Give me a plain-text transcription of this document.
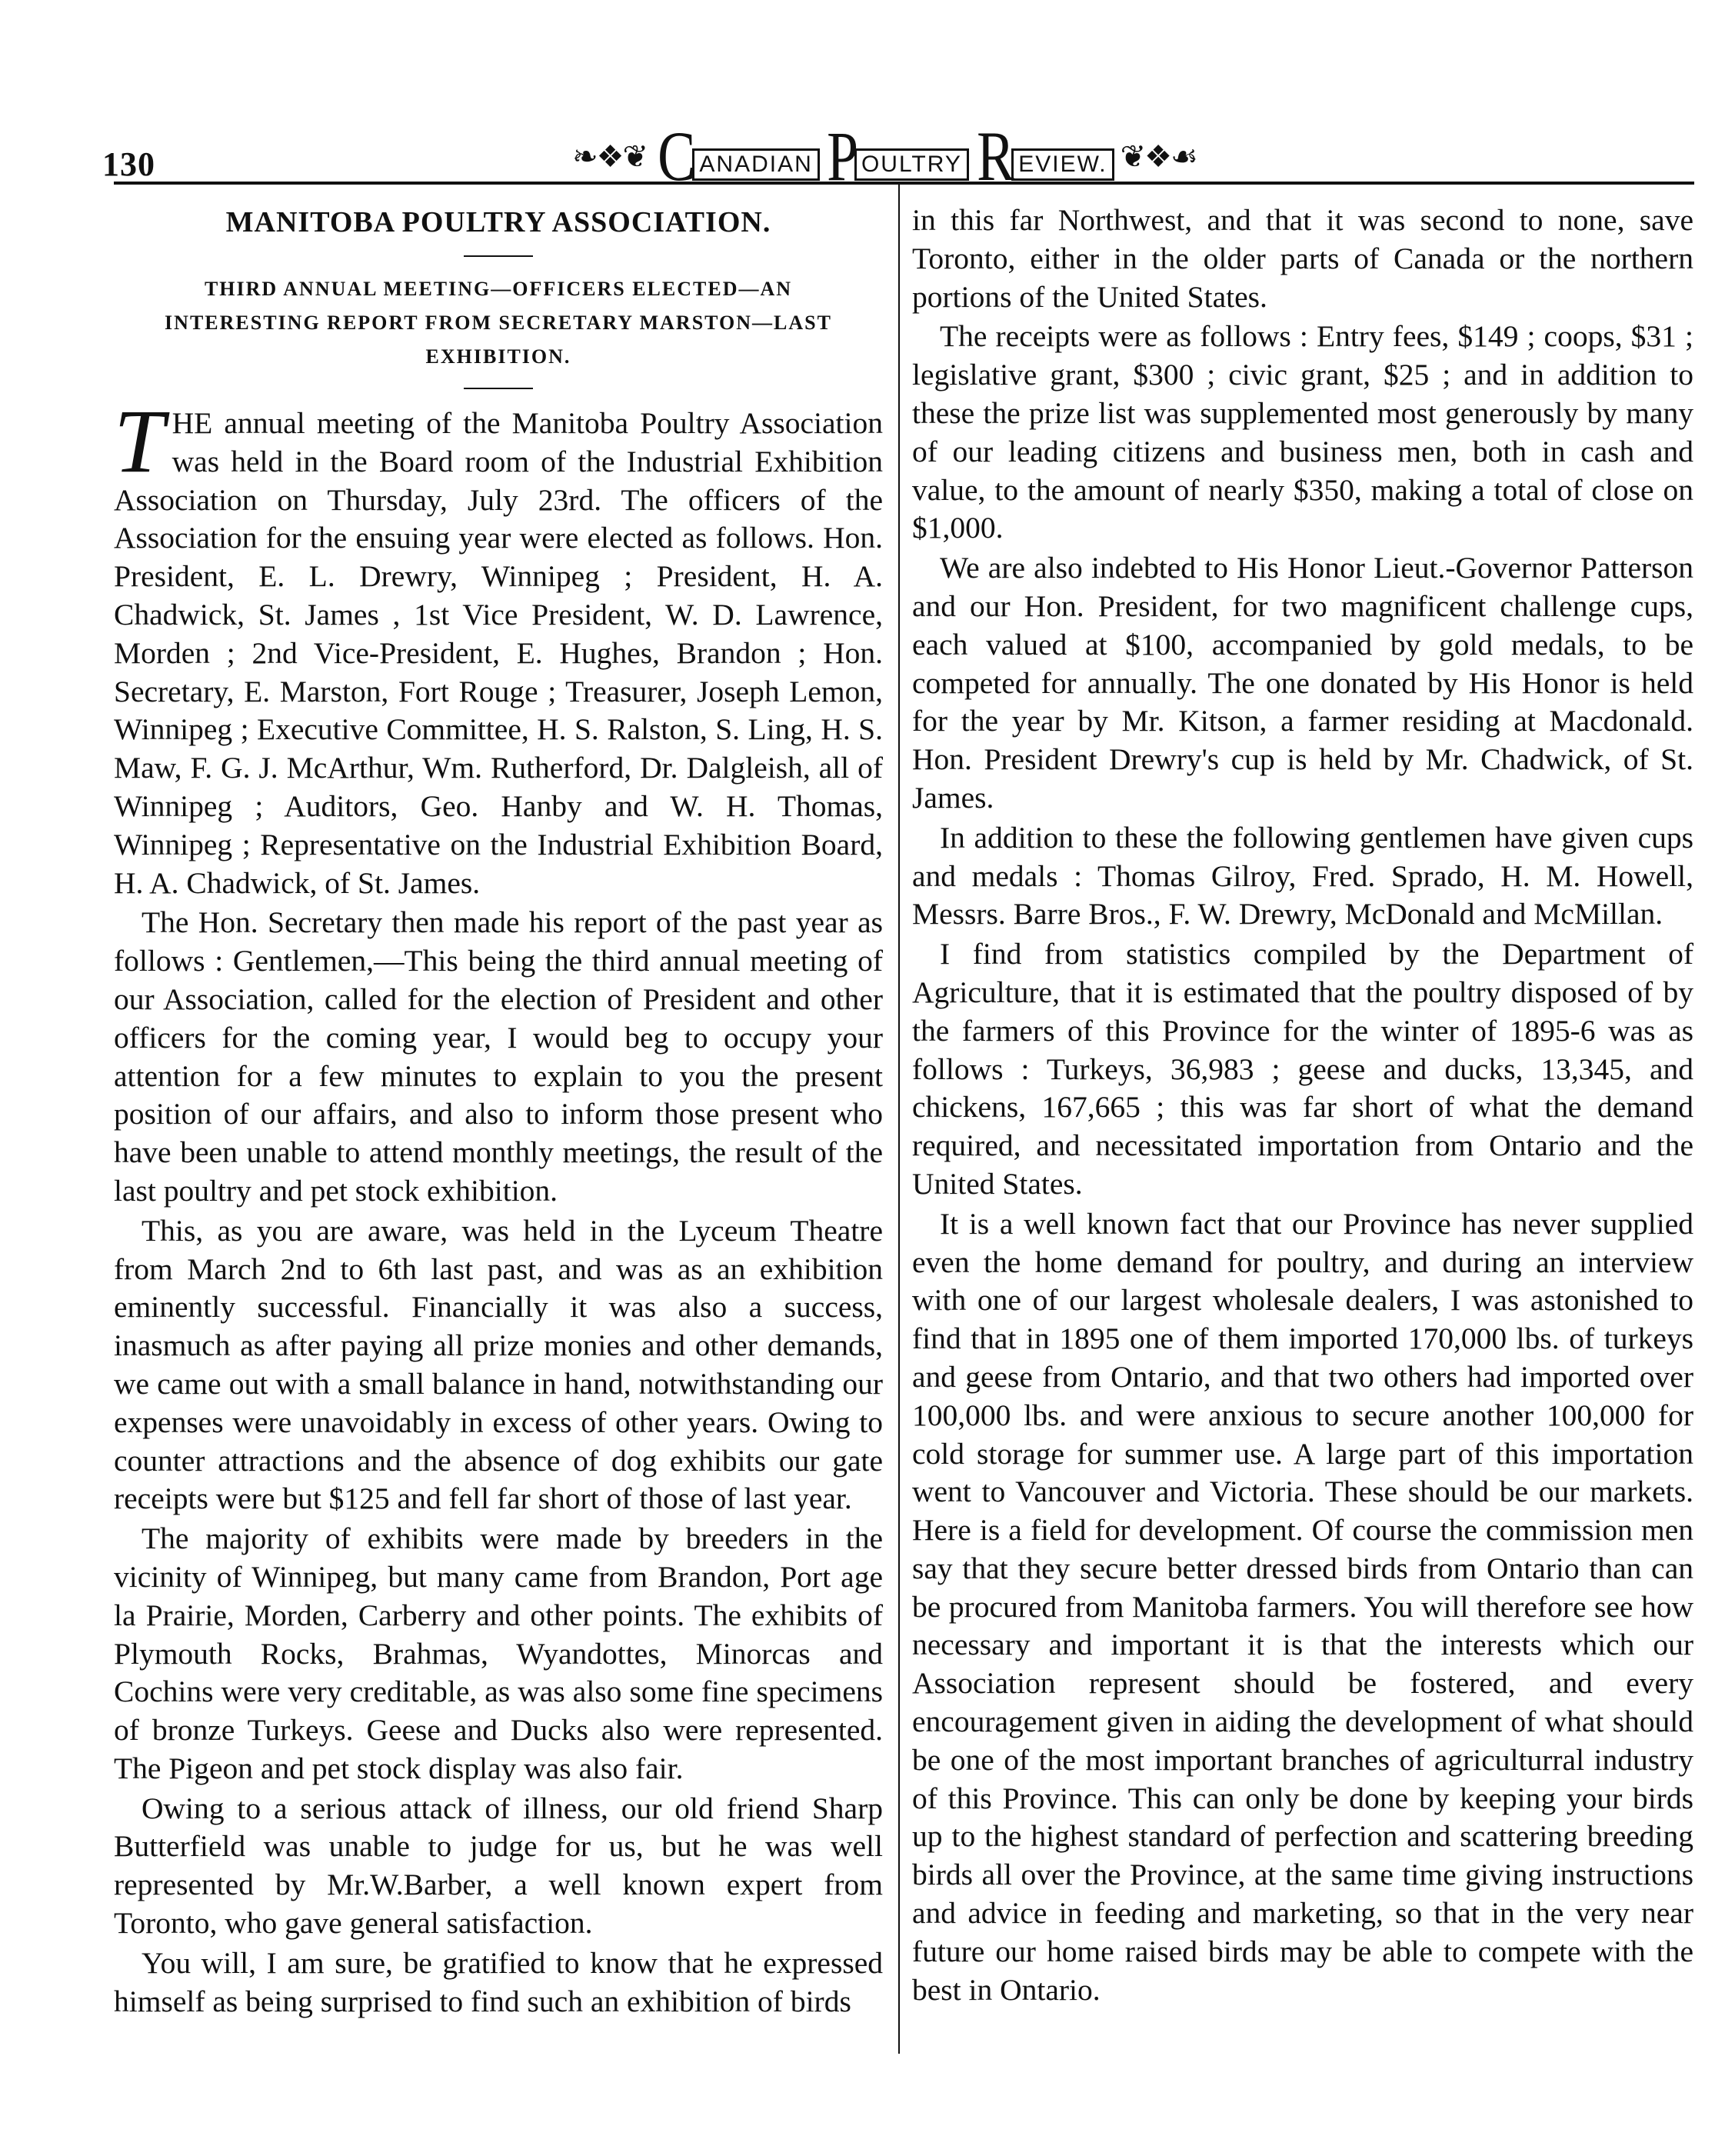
130	❧❖❦ C ANADIAN P OULTRY R EVIEW. ❦❖☙
MANITOBA POULTRY ASSOCIATION.
THIRD ANNUAL MEETING—OFFICERS ELECTED—AN INTERESTING REPORT FROM SECRETARY MARSTON—LAST EXHIBITION.

THE annual meeting of the Manitoba Poultry Association was held in the Board room of the Industrial Exhibition Association on Thursday, July 23rd. The officers of the Association for the ensuing year were elected as follows. Hon. President, E. L. Drewry, Winnipeg ; President, H. A. Chadwick, St. James , 1st Vice President, W. D. Lawrence, Morden ; 2nd Vice-President, E. Hughes, Brandon ; Hon. Secretary, E. Marston, Fort Rouge ; Treasurer, Joseph Lemon, Winnipeg ; Executive Committee, H. S. Ralston, S. Ling, H. S. Maw, F. G. J. McArthur, Wm. Rutherford, Dr. Dalgleish, all of Winnipeg ; Auditors, Geo. Hanby and W. H. Thomas, Winnipeg ; Representative on the Industrial Exhibition Board, H. A. Chadwick, of St. James.

The Hon. Secretary then made his report of the past year as follows : Gentlemen,—This being the third annual meeting of our Association, called for the election of President and other officers for the coming year, I would beg to occupy your attention for a few minutes to explain to you the present position of our affairs, and also to inform those present who have been unable to attend monthly meetings, the result of the last poultry and pet stock exhibition.

This, as you are aware, was held in the Lyceum Theatre from March 2nd to 6th last past, and was as an exhibition eminently successful. Financially it was also a success, inasmuch as after paying all prize monies and other demands, we came out with a small balance in hand, notwithstanding our expenses were unavoidably in excess of other years. Owing to counter attractions and the absence of dog exhibits our gate receipts were but $125 and fell far short of those of last year.

The majority of exhibits were made by breeders in the vicinity of Winnipeg, but many came from Brandon, Port age la Prairie, Morden, Carberry and other points. The exhibits of Plymouth Rocks, Brahmas, Wyandottes, Minorcas and Cochins were very creditable, as was also some fine specimens of bronze Turkeys. Geese and Ducks also were represented. The Pigeon and pet stock display was also fair.

Owing to a serious attack of illness, our old friend Sharp Butterfield was unable to judge for us, but he was well represented by Mr.W.Barber, a well known expert from Toronto, who gave general satisfaction.

You will, I am sure, be gratified to know that he expressed himself as being surprised to find such an exhibition of birds

in this far Northwest, and that it was second to none, save Toronto, either in the older parts of Canada or the northern portions of the United States.

The receipts were as follows : Entry fees, $149 ; coops, $31 ; legislative grant, $300 ; civic grant, $25 ; and in addition to these the prize list was supplemented most generously by many of our leading citizens and business men, both in cash and value, to the amount of nearly $350, making a total of close on $1,000.

We are also indebted to His Honor Lieut.-Governor Patterson and our Hon. President, for two magnificent challenge cups, each valued at $100, accompanied by gold medals, to be competed for annually. The one donated by His Honor is held for the year by Mr. Kitson, a farmer residing at Macdonald. Hon. President Drewry's cup is held by Mr. Chadwick, of St. James.

In addition to these the following gentlemen have given cups and medals : Thomas Gilroy, Fred. Sprado, H. M. Howell, Messrs. Barre Bros., F. W. Drewry, McDonald and McMillan.

I find from statistics compiled by the Department of Agriculture, that it is estimated that the poultry disposed of by the farmers of this Province for the winter of 1895-6 was as follows : Turkeys, 36,983 ; geese and ducks, 13,345, and chickens, 167,665 ; this was far short of what the demand required, and necessitated importation from Ontario and the United States.

It is a well known fact that our Province has never supplied even the home demand for poultry, and during an interview with one of our largest wholesale dealers, I was astonished to find that in 1895 one of them imported 170,000 lbs. of turkeys and geese from Ontario, and that two others had imported over 100,000 lbs. and were anxious to secure another 100,000 for cold storage for summer use. A large part of this importation went to Vancouver and Victoria. These should be our markets. Here is a field for development. Of course the commission men say that they secure better dressed birds from Ontario than can be procured from Manitoba farmers. You will therefore see how necessary and important it is that the interests which our Association represent should be fostered, and every encouragement given in aiding the development of what should be one of the most important branches of agriculturral industry of this Province. This can only be done by keeping your birds up to the highest standard of perfection and scattering breeding birds all over the Province, at the same time giving instructions and advice in feeding and marketing, so that in the very near future our home raised birds may be able to compete with the best in Ontario.
